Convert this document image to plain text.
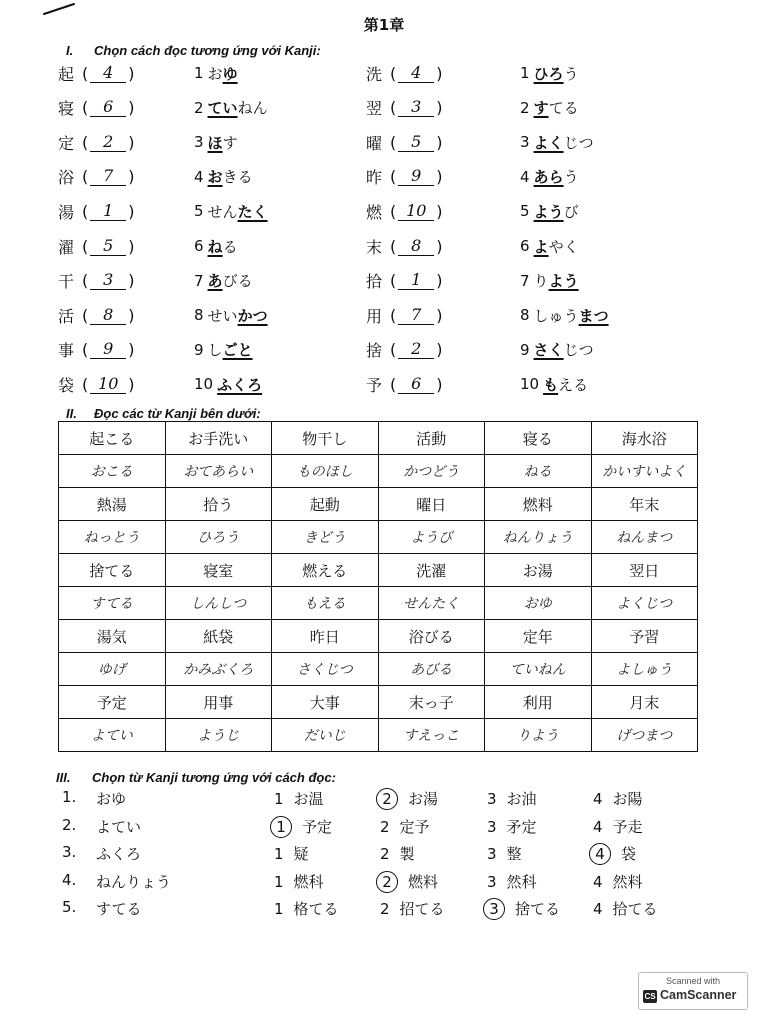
第1章
I. Chọn cách đọc tương ứng với Kanji:
起 ( 4 )	洗 ( 4 )
1 お ゆ	1 ひろ う
寝 ( 6 )	翌 ( 3 )
2 てい ねん	2 す てる
定 ( 2 )	曜 ( 5 )
3 ほ す	3 よく じつ
浴 ( 7 )	昨 ( 9 )
4 お きる	4 あら う
湯 ( 1 )	燃 ( 10 )
5 せん たく	5 よう び
濯 ( 5 )	末 ( 8 )
6 ね る	6 よ やく
干 ( 3 )	拾 ( 1 )
7 あ びる	7 り よう
活 ( 8 )	用 ( 7 )
8 せい かつ	8 しゅう まつ
事 ( 9 )	捨 ( 2 )
9 し ごと	9 さく じつ
袋 ( 10 )	予 ( 6 )
10 ふくろ	10 も える
II. Đọc các từ Kanji bên dưới:
起こる	お手洗い	物干し	活動	寝る	海水浴
おこる	おてあらい	ものほし	かつどう	ねる	かいすいよく
熱湯	拾う	起動	曜日	燃料	年末
ねっとう	ひろう	きどう	ようび	ねんりょう	ねんまつ
捨てる	寝室	燃える	洗濯	お湯	翌日
すてる	しんしつ	もえる	せんたく	おゆ	よくじつ
湯気	紙袋	昨日	浴びる	定年	予習
ゆげ	かみぶくろ	さくじつ	あびる	ていねん	よしゅう
予定	用事	大事	末っ子	利用	月末
よてい	ようじ	だいじ	すえっこ	りよう	げつまつ
III. Chọn từ Kanji tương ứng với cách đọc:
1. おゆ	1 お温	2 お湯	3 お油	4 お陽
2. よてい	1 予定	2 定予	3 矛定	4 予走
3. ふくろ	1 疑	2 製	3 整	4 袋
4. ねんりょう	1 燃科	2 燃料	3 然科	4 然料
5. すてる	1 格てる	2 招てる	3 捨てる 4 拾てる
Scanned with
CS CamScanner
